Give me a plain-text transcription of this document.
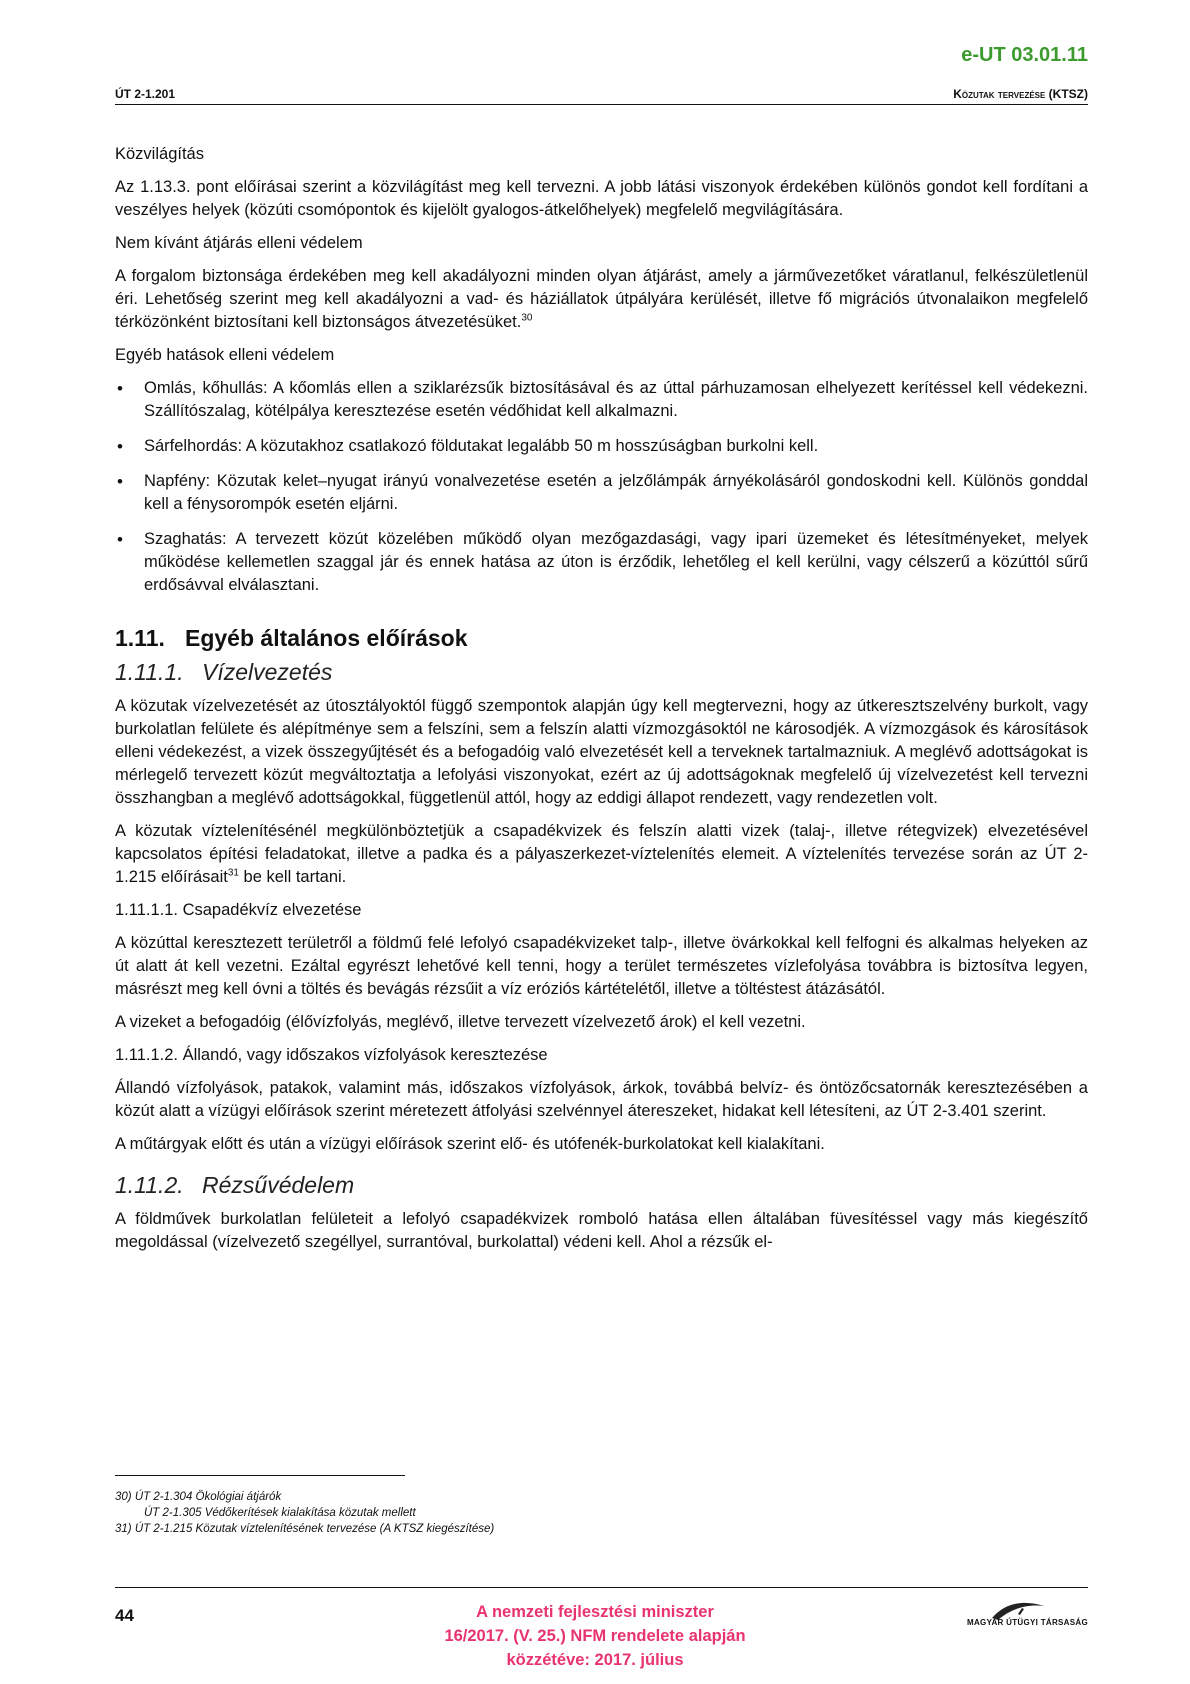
e-UT 03.01.11
ÚT 2-1.201	Közutak tervezése (KTSZ)
Közvilágítás

Az 1.13.3. pont előírásai szerint a közvilágítást meg kell tervezni. A jobb látási viszonyok érdekében különös gondot kell fordítani a veszélyes helyek (közúti csomópontok és kijelölt gyalogos-átkelőhelyek) megfelelő megvilágítására.

Nem kívánt átjárás elleni védelem

A forgalom biztonsága érdekében meg kell akadályozni minden olyan átjárást, amely a járművezetőket váratlanul, felkészületlenül éri. Lehetőség szerint meg kell akadályozni a vad- és háziállatok útpályára kerülését, illetve fő migrációs útvonalaikon megfelelő térközönként biztosítani kell biztonságos átvezetésüket.$^{30}$

Egyéb hatások elleni védelem
• Omlás, kőhullás: A kőomlás ellen a sziklarézsűk biztosításával és az úttal párhuzamosan elhelyezett kerítéssel kell védekezni. Szállítószalag, kötélpálya keresztezése esetén védőhidat kell alkalmazni.
• Sárfelhordás: A közutakhoz csatlakozó földutakat legalább 50 m hosszúságban burkolni kell.
• Napfény: Közutak kelet–nyugat irányú vonalvezetése esetén a jelzőlámpák árnyékolásáról gondoskodni kell. Különös gonddal kell a fénysorompók esetén eljárni.
• Szaghatás: A tervezett közút közelében működő olyan mezőgazdasági, vagy ipari üzemeket és létesítményeket, melyek működése kellemetlen szaggal jár és ennek hatása az úton is érződik, lehetőleg el kell kerülni, vagy célszerű a közúttól sűrű erdősávval elválasztani.
1.11. Egyéb általános előírások
1.11.1. Vízelvezetés

A közutak vízelvezetését az útosztályoktól függő szempontok alapján úgy kell megtervezni, hogy az útkeresztszelvény burkolt, vagy burkolatlan felülete és alépítménye sem a felszíni, sem a felszín alatti vízmozgásoktól ne károsodjék. A vízmozgások és károsítások elleni védekezést, a vizek összegyűjtését és a befogadóig való elvezetését kell a terveknek tartalmazniuk. A meglévő adottságokat is mérlegelő tervezett közút megváltoztatja a lefolyási viszonyokat, ezért az új adottságoknak megfelelő új vízelvezetést kell tervezni összhangban a meglévő adottságokkal, függetlenül attól, hogy az eddigi állapot rendezett, vagy rendezetlen volt.

A közutak víztelenítésénél megkülönböztetjük a csapadékvizek és felszín alatti vizek (talaj-, illetve rétegvizek) elvezetésével kapcsolatos építési feladatokat, illetve a padka és a pályaszerkezet-víztelenítés elemeit. A víztelenítés tervezése során az ÚT 2-1.215 előírásait$^{31}$ be kell tartani.

1.11.1.1. Csapadékvíz elvezetése

A közúttal keresztezett területről a földmű felé lefolyó csapadékvizeket talp-, illetve övárkokkal kell felfogni és alkalmas helyeken az út alatt át kell vezetni. Ezáltal egyrészt lehetővé kell tenni, hogy a terület természetes vízlefolyása továbbra is biztosítva legyen, másrészt meg kell óvni a töltés és bevágás rézsűit a víz eróziós kártételétől, illetve a töltéstest átázásától.

A vizeket a befogadóig (élővízfolyás, meglévő, illetve tervezett vízelvezető árok) el kell vezetni.

1.11.1.2. Állandó, vagy időszakos vízfolyások keresztezése

Állandó vízfolyások, patakok, valamint más, időszakos vízfolyások, árkok, továbbá belvíz- és öntözőcsatornák keresztezésében a közút alatt a vízügyi előírások szerint méretezett átfolyási szelvénnyel átereszeket, hidakat kell létesíteni, az ÚT 2-3.401 szerint.

A műtárgyak előtt és után a vízügyi előírások szerint elő- és utófenék-burkolatokat kell kialakítani.

1.11.2. Rézsűvédelem

A földművek burkolatlan felületeit a lefolyó csapadékvizek romboló hatása ellen általában füvesítéssel vagy más kiegészítő megoldással (vízelvezető szegéllyel, surrantóval, burkolattal) védeni kell. Ahol a rézsűk el-

30) ÚT 2-1.304 Ökológiai átjárók
ÚT 2-1.305 Védőkerítések kialakítása közutak mellett
31) ÚT 2-1.215 Közutak víztelenítésének tervezése (A KTSZ kiegészítése)
44	A nemzeti fejlesztési miniszter
16/2017. (V. 25.) NFM rendelete alapján
közzétéve: 2017. július
MAGYAR ÚTÜGYI TÁRSASÁG
